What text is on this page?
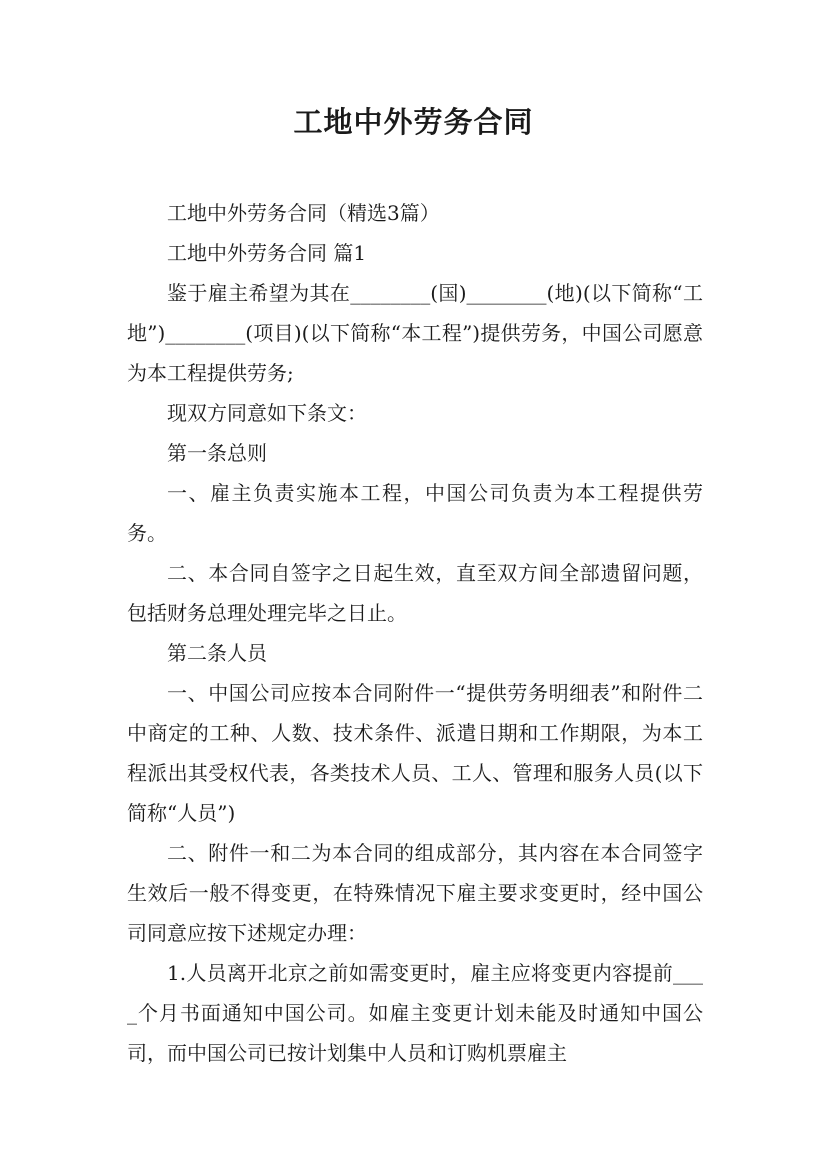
工地中外劳务合同

工地中外劳务合同（精选3篇）

工地中外劳务合同 篇1

鉴于雇主希望为其在________(国)________(地)(以下简称“工地”)________(项目)(以下简称“本工程”)提供劳务，中国公司愿意为本工程提供劳务;

现双方同意如下条文：

第一条总则

一、雇主负责实施本工程，中国公司负责为本工程提供劳务。

二、本合同自签字之日起生效，直至双方间全部遗留问题，包括财务总理处理完毕之日止。

第二条人员

一、中国公司应按本合同附件一“提供劳务明细表”和附件二中商定的工种、人数、技术条件、派遣日期和工作期限，为本工程派出其受权代表，各类技术人员、工人、管理和服务人员(以下简称“人员”)

二、附件一和二为本合同的组成部分，其内容在本合同签字生效后一般不得变更，在特殊情况下雇主要求变更时，经中国公司同意应按下述规定办理：

1.人员离开北京之前如需变更时，雇主应将变更内容提前____个月书面通知中国公司。如雇主变更计划未能及时通知中国公司，而中国公司已按计划集中人员和订购机票雇主
